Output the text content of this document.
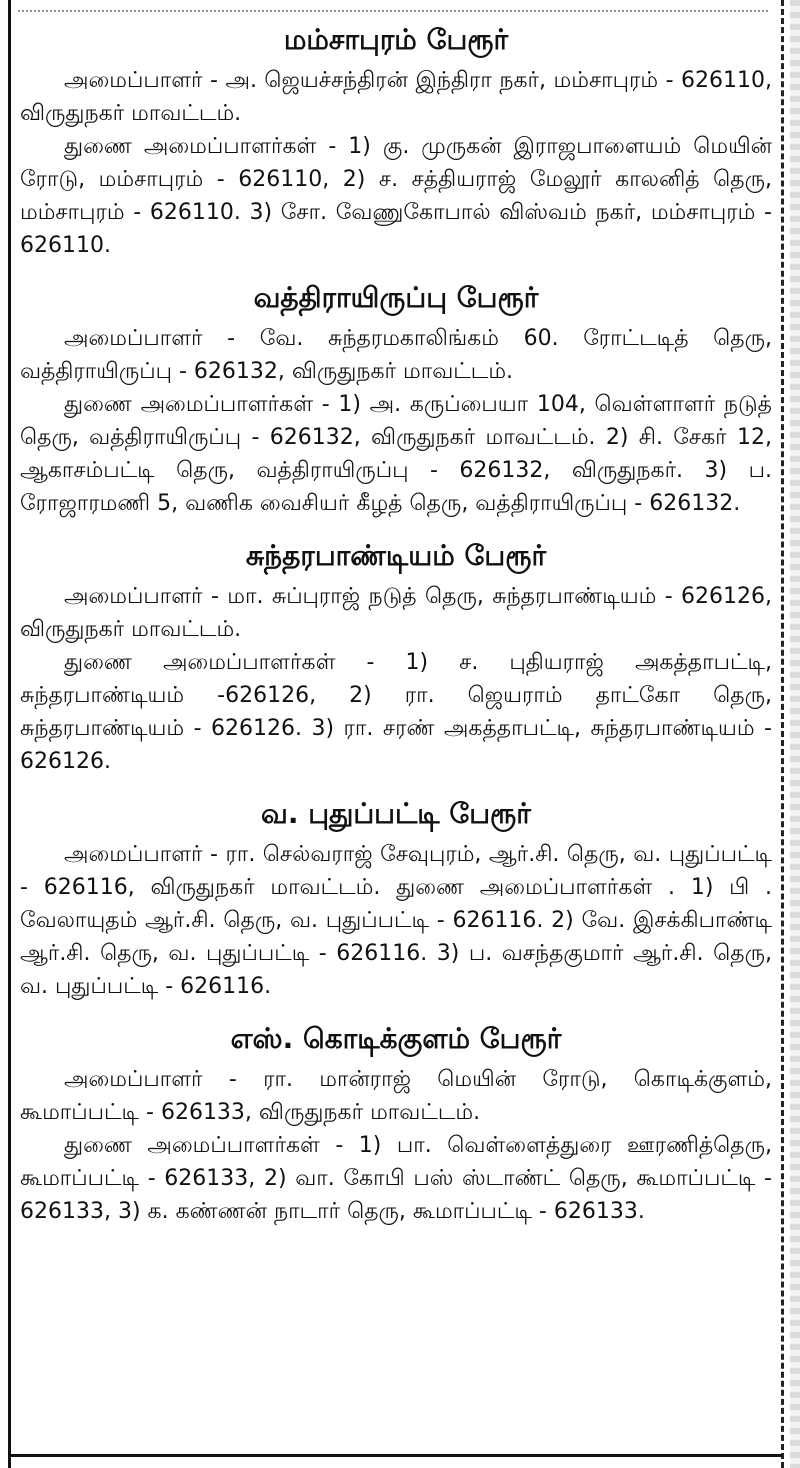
மம்சாபுரம் பேரூர்

அமைப்பாளர் - அ. ஜெயச்சந்திரன் இந்திரா நகர், மம்சாபுரம் - 626110, விருதுநகர் மாவட்டம்.

துணை அமைப்பாளர்கள் - 1) கு. முருகன் இராஜபாளையம் மெயின் ரோடு, மம்சாபுரம் - 626110, 2) ச. சத்தியராஜ் மேலூர் காலனித் தெரு, மம்சாபுரம் - 626110. 3) சோ. வேணுகோபால் விஸ்வம் நகர், மம்சாபுரம் - 626110.

வத்திராயிருப்பு பேரூர்

அமைப்பாளர் - வே. சுந்தரமகாலிங்கம் 60. ரோட்டடித் தெரு, வத்திராயிருப்பு - 626132, விருதுநகர் மாவட்டம்.

துணை அமைப்பாளர்கள் - 1) அ. கருப்பையா 104, வெள்ளாளர் நடுத் தெரு, வத்திராயிருப்பு - 626132, விருதுநகர் மாவட்டம். 2) சி. சேகர் 12, ஆகாசம்பட்டி தெரு, வத்திராயிருப்பு - 626132, விருதுநகர். 3) ப. ரோஜாரமணி 5, வணிக வைசியர் கீழத் தெரு, வத்திராயிருப்பு - 626132.

சுந்தரபாண்டியம் பேரூர்

அமைப்பாளர் - மா. சுப்புராஜ் நடுத் தெரு, சுந்தரபாண்டியம் - 626126, விருதுநகர் மாவட்டம்.

துணை அமைப்பாளர்கள் - 1) ச. புதியராஜ் அகத்தாபட்டி, சுந்தரபாண்டியம் -626126, 2) ரா. ஜெயராம் தாட்கோ தெரு, சுந்தரபாண்டியம் - 626126. 3) ரா. சரண் அகத்தாபட்டி, சுந்தரபாண்டியம் - 626126.

வ. புதுப்பட்டி பேரூர்

அமைப்பாளர் - ரா. செல்வராஜ் சேவுபுரம், ஆர்.சி. தெரு, வ. புதுப்பட்டி - 626116, விருதுநகர் மாவட்டம். துணை அமைப்பாளர்கள் . 1) பி . வேலாயுதம் ஆர்.சி. தெரு, வ. புதுப்பட்டி - 626116. 2) வே. இசக்கிபாண்டி ஆர்.சி. தெரு, வ. புதுப்பட்டி - 626116. 3) ப. வசந்தகுமார் ஆர்.சி. தெரு, வ. புதுப்பட்டி - 626116.

எஸ். கொடிக்குளம் பேரூர்

அமைப்பாளர் - ரா. மான்ராஜ் மெயின் ரோடு, கொடிக்குளம், கூமாப்பட்டி - 626133, விருதுநகர் மாவட்டம்.

துணை அமைப்பாளர்கள் - 1) பா. வெள்ளைத்துரை ஊரணித்தெரு, கூமாப்பட்டி - 626133, 2) வா. கோபி பஸ் ஸ்டாண்ட் தெரு, கூமாப்பட்டி - 626133, 3) க. கண்ணன் நாடார் தெரு, கூமாப்பட்டி - 626133.
